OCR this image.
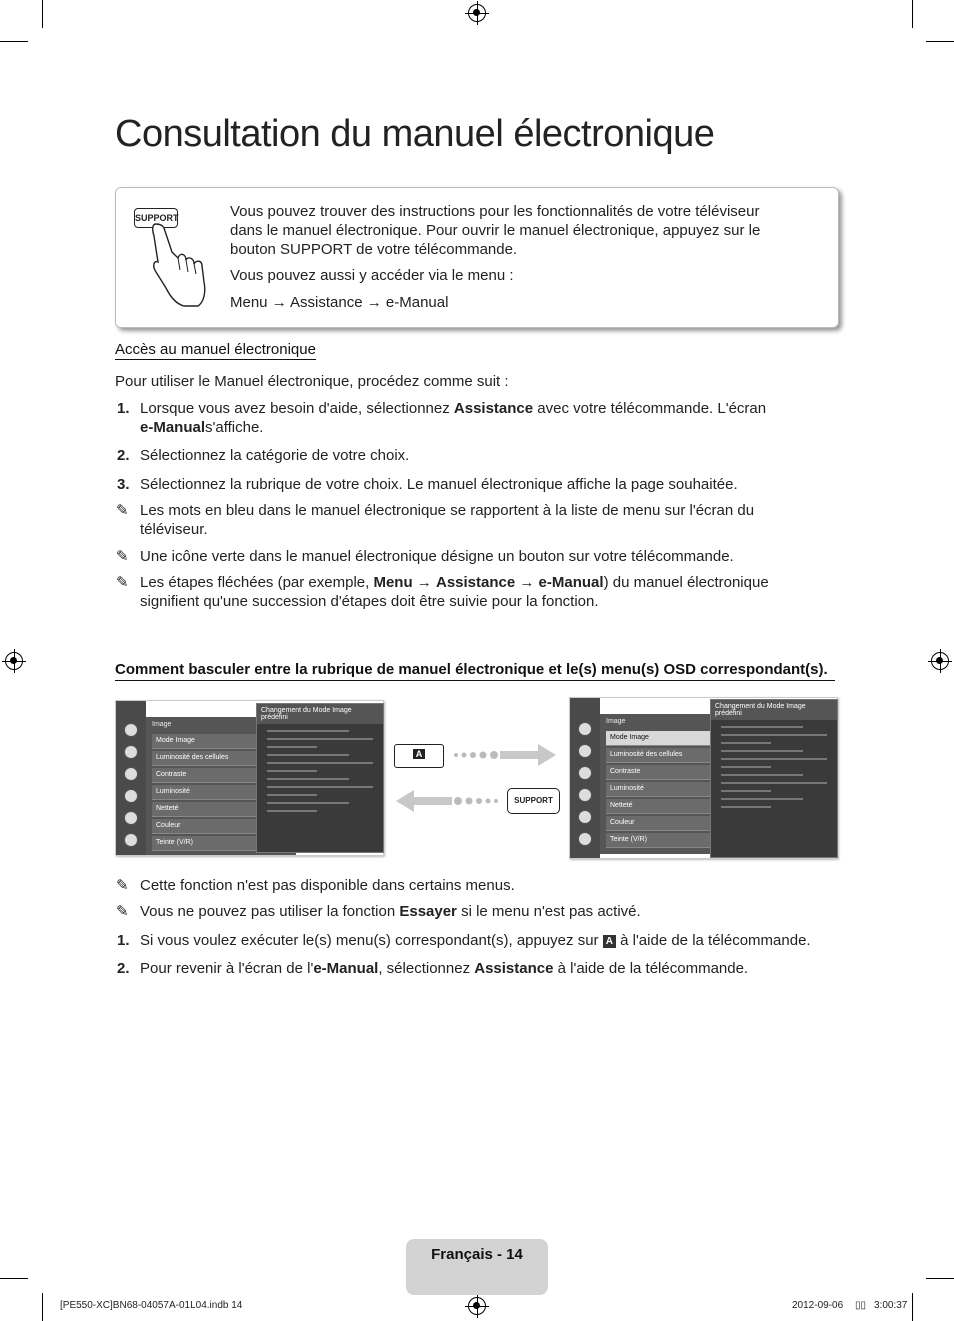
Consultation du manuel électronique
SUPPORT	Vous pouvez trouver des instructions pour les fonctionnalités de votre téléviseur
dans le manuel électronique. Pour ouvrir le manuel électronique, appuyez sur le
bouton SUPPORT de votre télécommande.
Vous pouvez aussi y accéder via le menu :
Menu → Assistance → e-Manual
Accès au manuel électronique
Pour utiliser le Manuel électronique, procédez comme suit :
1. Lorsque vous avez besoin d'aide, sélectionnez Assistance avec votre télécommande. L'écran
e-Manuals'affiche.
2. Sélectionnez la catégorie de votre choix.
3. Sélectionnez la rubrique de votre choix. Le manuel électronique affiche la page souhaitée.
✎ Les mots en bleu dans le manuel électronique se rapportent à la liste de menu sur l'écran du
téléviseur.
✎ Une icône verte dans le manuel électronique désigne un bouton sur votre télécommande.
✎ Les étapes fléchées (par exemple, Menu → Assistance → e-Manual) du manuel électronique
signifient qu'une succession d'étapes doit être suivie pour la fonction.
Comment basculer entre la rubrique de manuel électronique et le(s) menu(s) OSD correspondant(s).
Image
Mode Image
Luminosité des cellules
Contraste
Luminosité
Netteté
Couleur
Teinte (V/R)
Changement du Mode Image prédéfini
A
SUPPORT
Image
Mode Image
Luminosité des cellules
Contraste
Luminosité
Netteté
Couleur
Teinte (V/R)
Changement du Mode Image prédéfini
✎ Cette fonction n'est pas disponible dans certains menus.
✎ Vous ne pouvez pas utiliser la fonction Essayer si le menu n'est pas activé.
1. Si vous voulez exécuter le(s) menu(s) correspondant(s), appuyez sur A à l'aide de la télécommande.
2. Pour revenir à l'écran de l'e-Manual, sélectionnez Assistance à l'aide de la télécommande.
Français - 14
[PE550-XC]BN68-04057A-01L04.indb 14	2012-09-06 ▯▯ 3:00:37
